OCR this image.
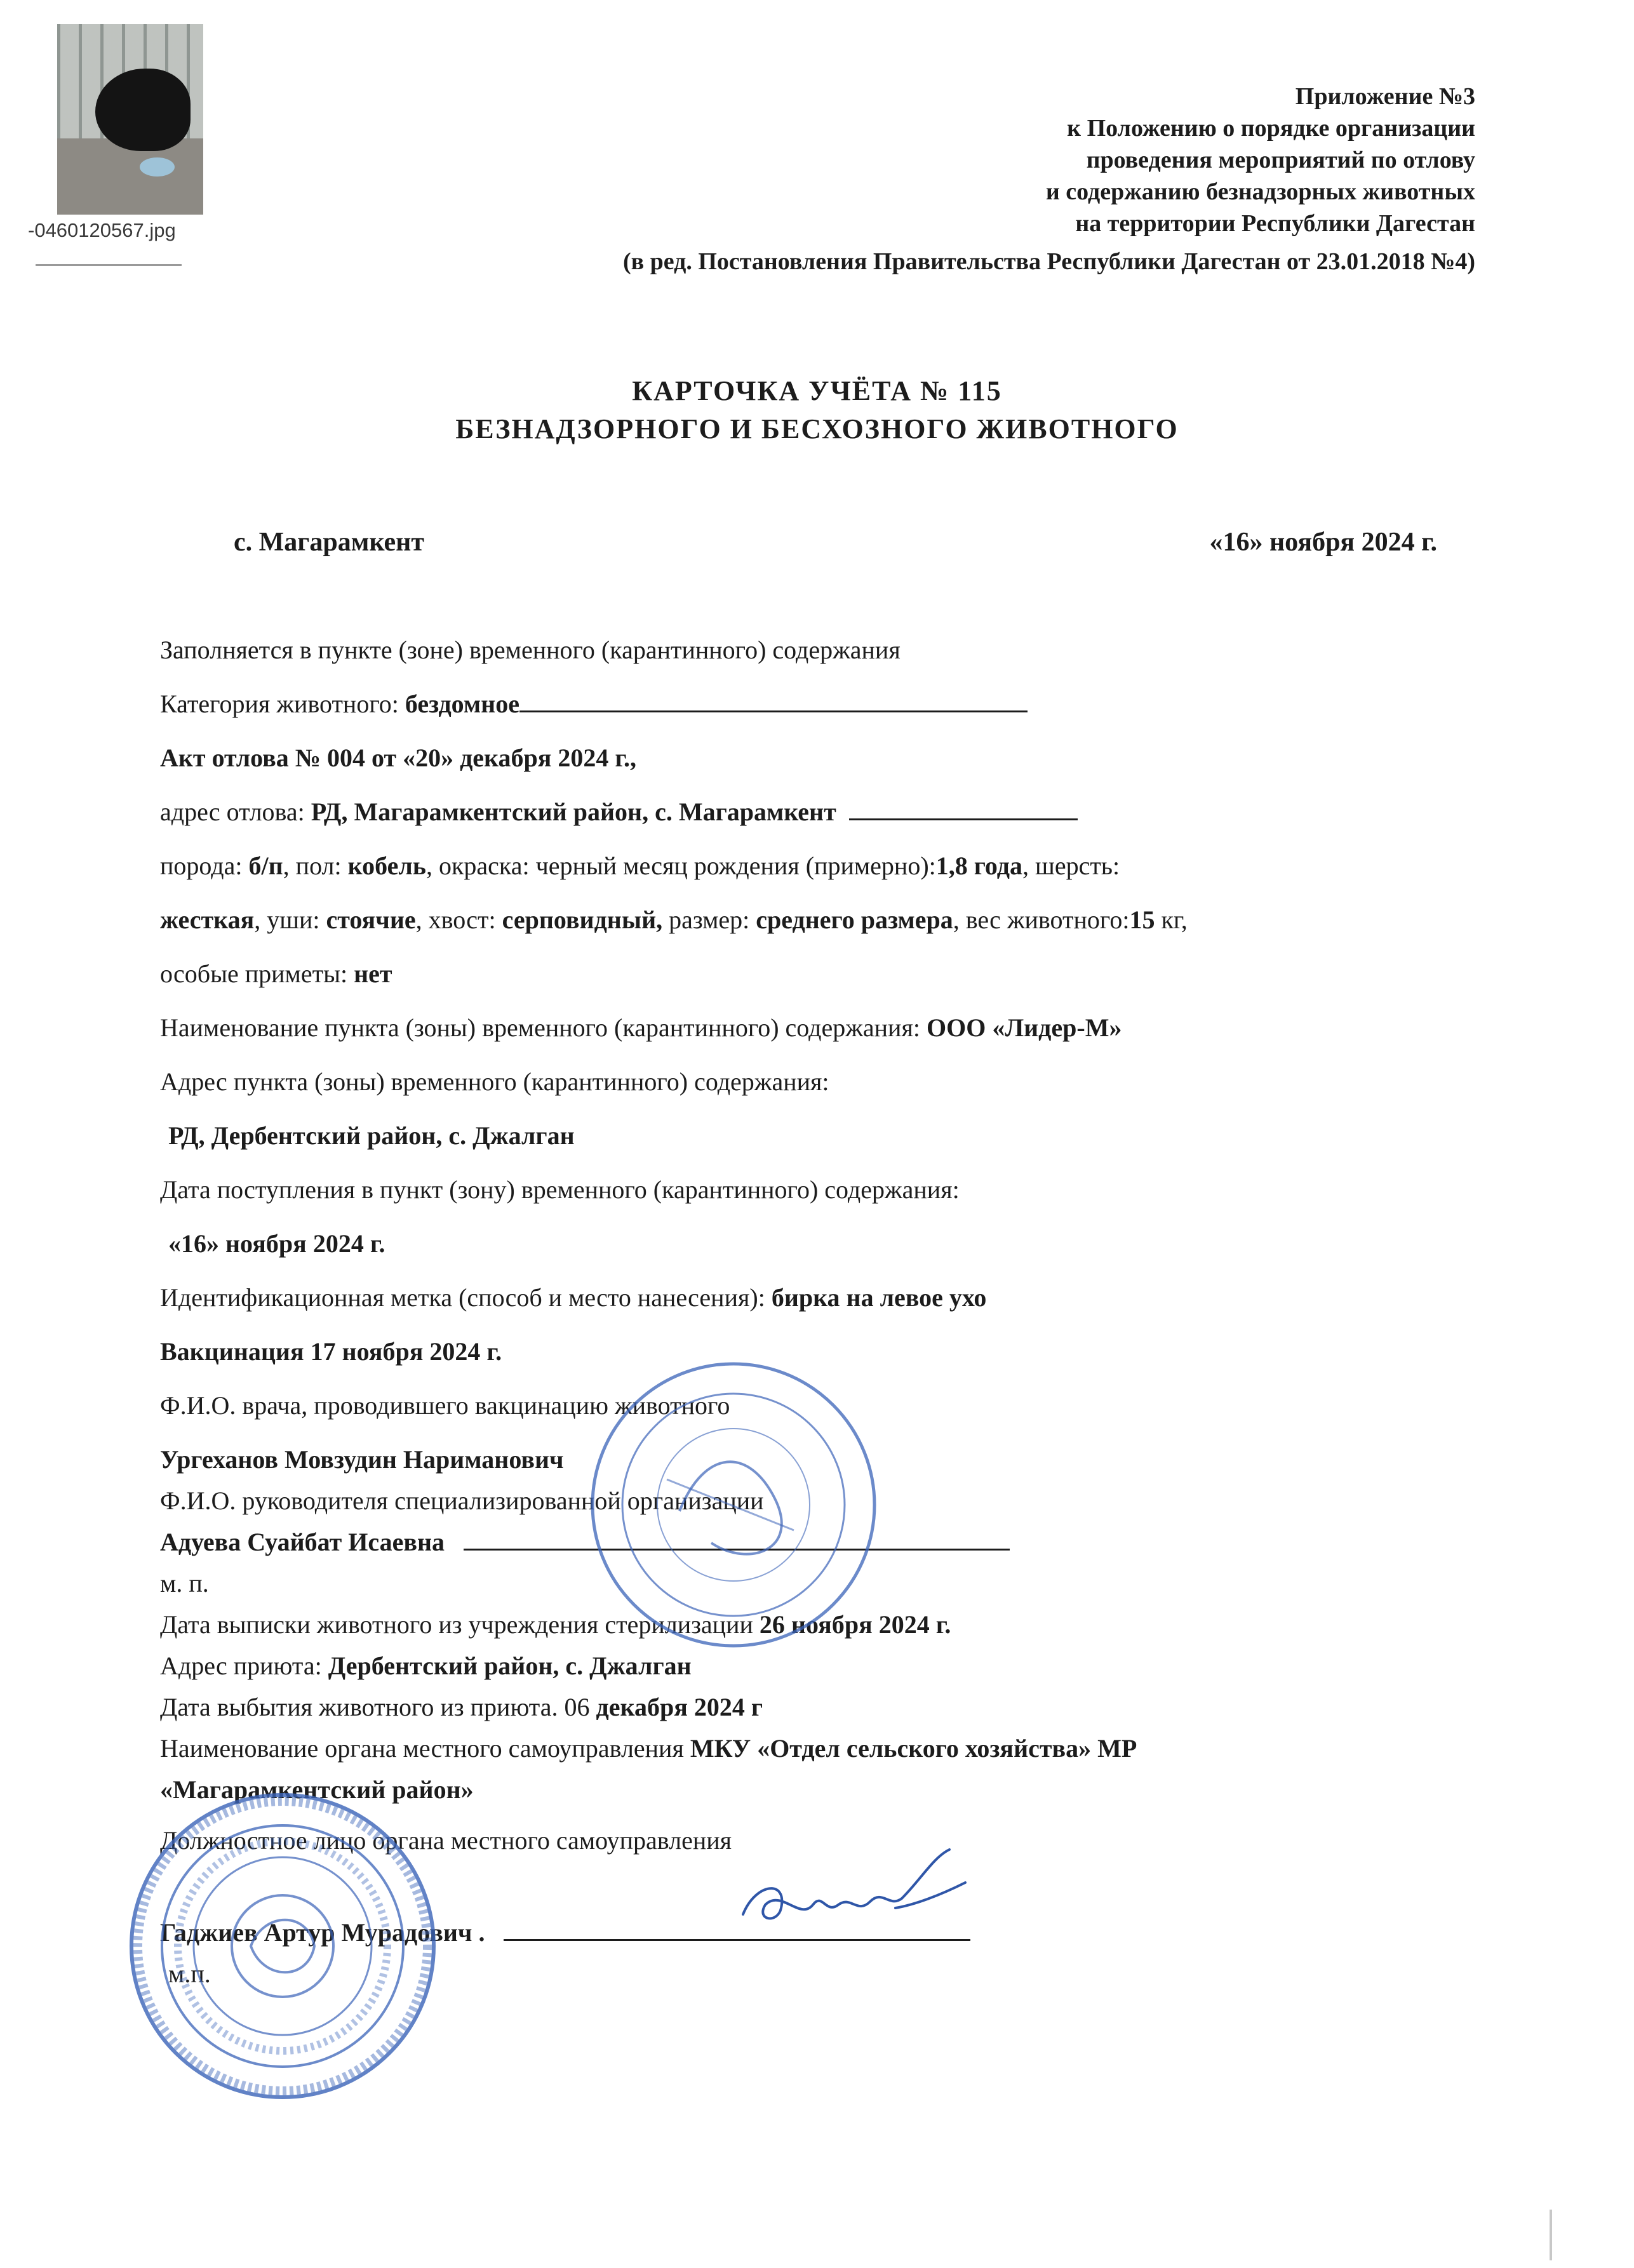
-0460120567.jpg
Приложение №3
к Положению о порядке организации
проведения мероприятий по отлову
и содержанию безнадзорных животных
на территории Республики Дагестан
(в ред. Постановления Правительства Республики Дагестан от 23.01.2018 №4)
КАРТОЧКА УЧЁТА № 115
БЕЗНАДЗОРНОГО И БЕСХОЗНОГО ЖИВОТНОГО
с. Магарамкент	«16» ноября 2024 г.
Заполняется в пункте (зоне) временного (карантинного) содержания
Категория животного: бездомное
Акт отлова № 004 от «20» декабря 2024 г.,
адрес отлова: РД, Магарамкентский район, с. Магарамкент
порода: б/п, пол: кобель, окраска: черный месяц рождения (примерно):1,8 года, шерсть:
жесткая, уши: стоячие, хвост: серповидный, размер: среднего размера, вес животного:15 кг,
особые приметы: нет
Наименование пункта (зоны) временного (карантинного) содержания: ООО «Лидер-М»
Адрес пункта (зоны) временного (карантинного) содержания:
РД, Дербентский район, с. Джалган
Дата поступления в пункт (зону) временного (карантинного) содержания:
«16» ноября 2024 г.
Идентификационная метка (способ и место нанесения): бирка на левое ухо
Вакцинация 17 ноября 2024 г.
Ф.И.О. врача, проводившего вакцинацию животного
Ургеханов Мовзудин Нариманович
Ф.И.О. руководителя специализированной организации
Адуева Суайбат Исаевна
м. п.
Дата выписки животного из учреждения стерилизации 26 ноября 2024 г.
Адрес приюта: Дербентский район, с. Джалган
Дата выбытия животного из приюта. 06 декабря 2024 г
Наименование органа местного самоуправления МКУ «Отдел сельского хозяйства» МР
«Магарамкентский район»
Должностное лицо органа местного самоуправления
Гаджиев Артур Мурадович .
м.п.
